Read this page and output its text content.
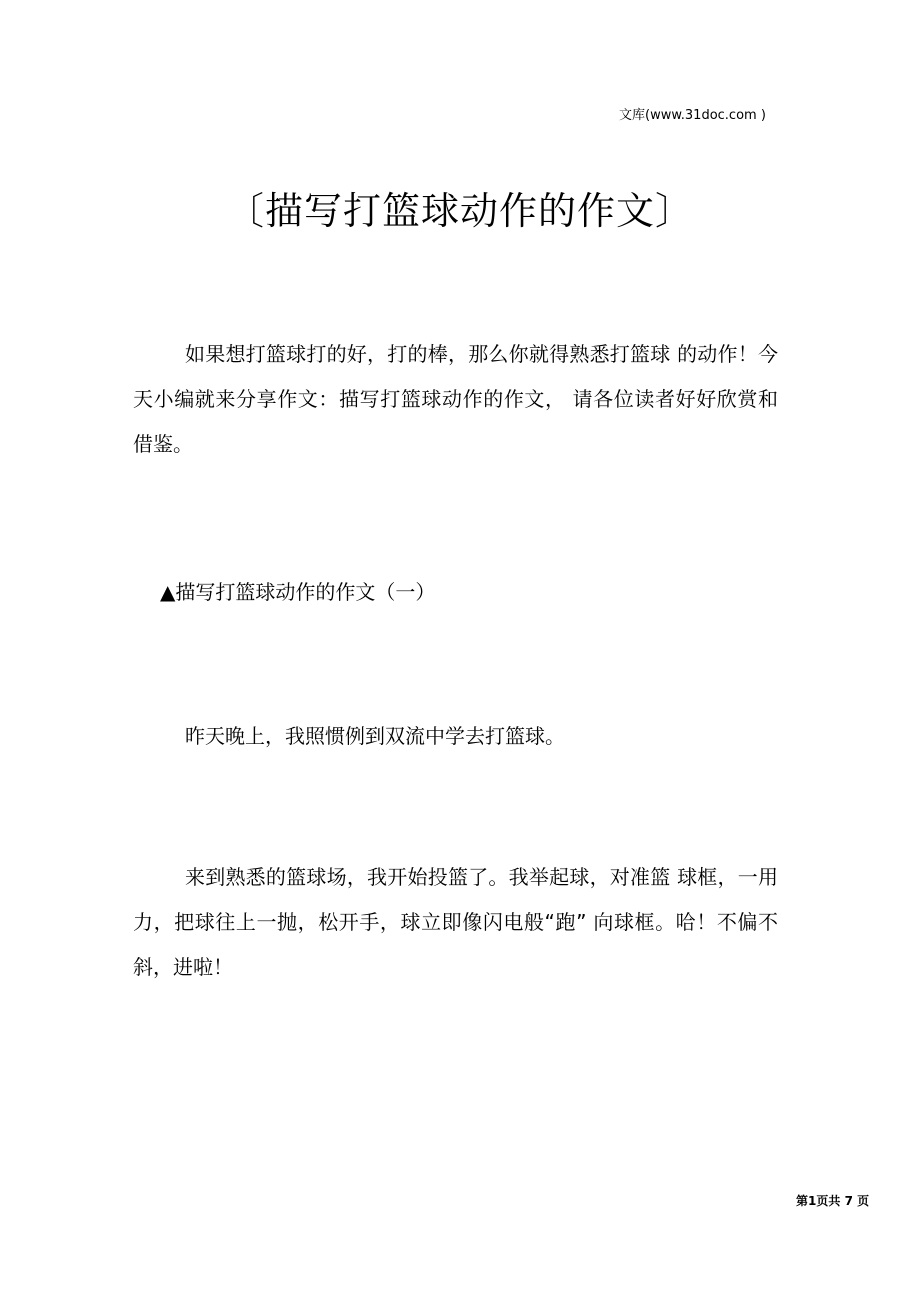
文库(www.31doc.com )
〔描写打篮球动作的作文〕

如果想打篮球打的好，打的棒，那么你就得熟悉打篮球 的动作！今天小编就来分享作文：描写打篮球动作的作文， 请各位读者好好欣赏和借鉴。

▲描写打篮球动作的作文（一）

昨天晚上，我照惯例到双流中学去打篮球。

来到熟悉的篮球场，我开始投篮了。我举起球，对准篮 球框，一用力，把球往上一抛，松开手，球立即像闪电般“跑” 向球框。哈！不偏不斜，进啦！

第1页共 7 页
